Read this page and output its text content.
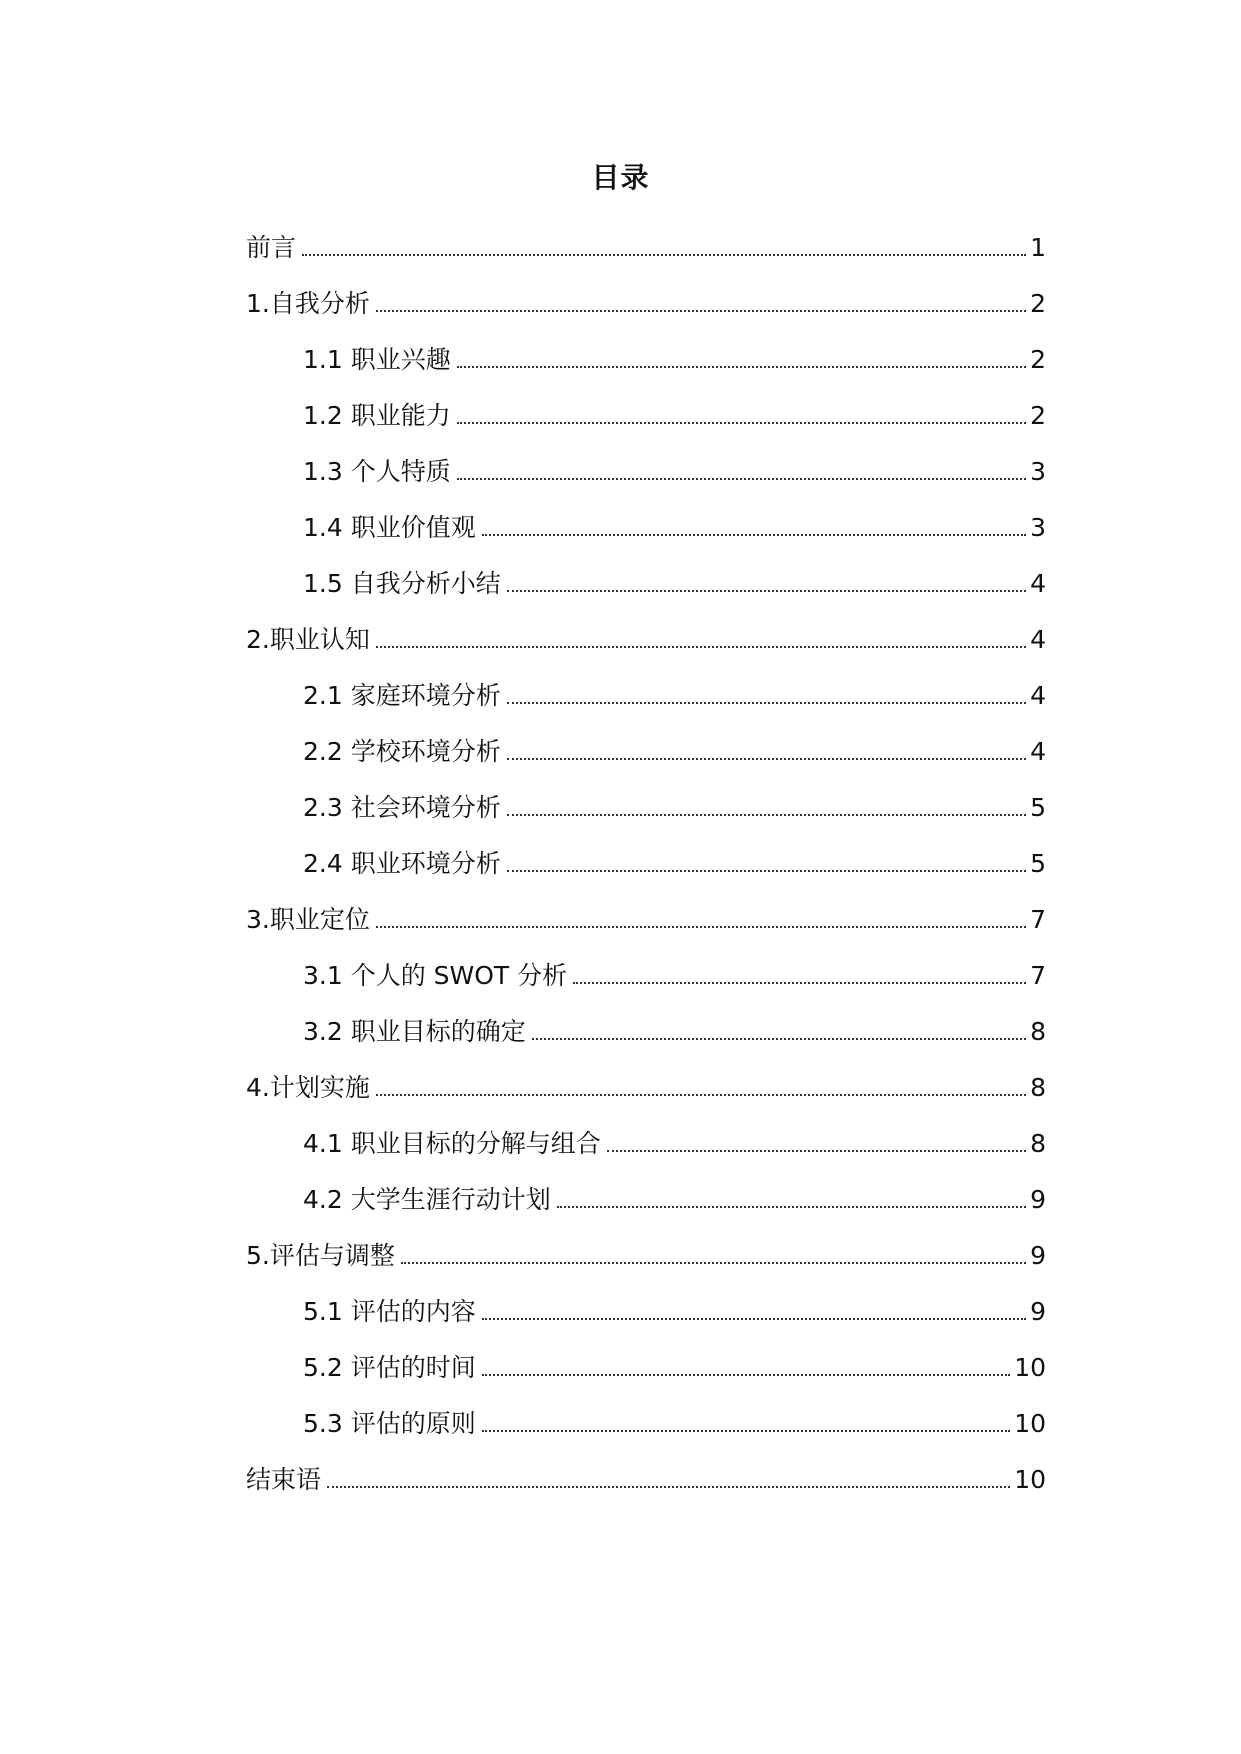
目录
前言	1
1.自我分析	2
1.1 职业兴趣	2
1.2 职业能力	2
1.3 个人特质	3
1.4 职业价值观	3
1.5 自我分析小结	4
2.职业认知	4
2.1 家庭环境分析	4
2.2 学校环境分析	4
2.3 社会环境分析	5
2.4 职业环境分析	5
3.职业定位	7
3.1 个人的 SWOT 分析	7
3.2 职业目标的确定	8
4.计划实施	8
4.1 职业目标的分解与组合	8
4.2 大学生涯行动计划	9
5.评估与调整	9
5.1 评估的内容	9
5.2 评估的时间	10
5.3 评估的原则	10
结束语	10
